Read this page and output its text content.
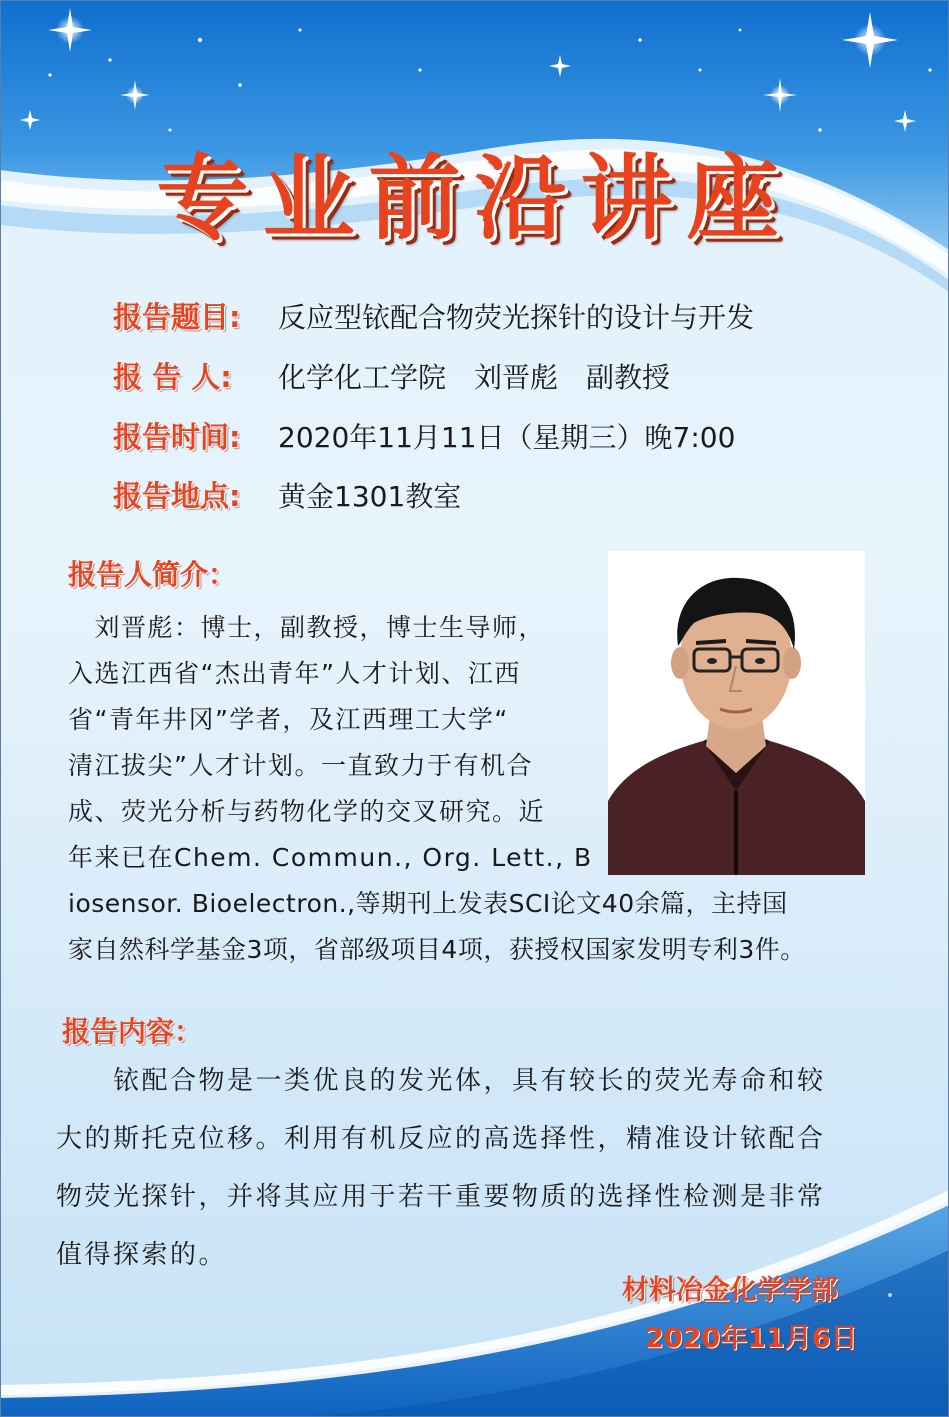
专业前沿讲座
报告题目:	反应型铱配合物荧光探针的设计与开发
报 告 人:	化学化工学院　刘晋彪　副教授
报告时间:	2020年11月11日（星期三）晚7:00
报告地点:	黄金1301教室
报告人简介：
　刘晋彪：博士，副教授，博士生导师，
入选江西省“杰出青年”人才计划、江西
省“青年井冈”学者，及江西理工大学“
清江拔尖”人才计划。一直致力于有机合
成、荧光分析与药物化学的交叉研究。近
年来已在Chem. Commun., Org. Lett., B
iosensor. Bioelectron.,等期刊上发表SCI论文40余篇，主持国
家自然科学基金3项，省部级项目4项，获授权国家发明专利3件。
报告内容：
　　铱配合物是一类优良的发光体，具有较长的荧光寿命和较
大的斯托克位移。利用有机反应的高选择性，精准设计铱配合
物荧光探针，并将其应用于若干重要物质的选择性检测是非常
值得探索的。
材料冶金化学学部
2020年11月6日
